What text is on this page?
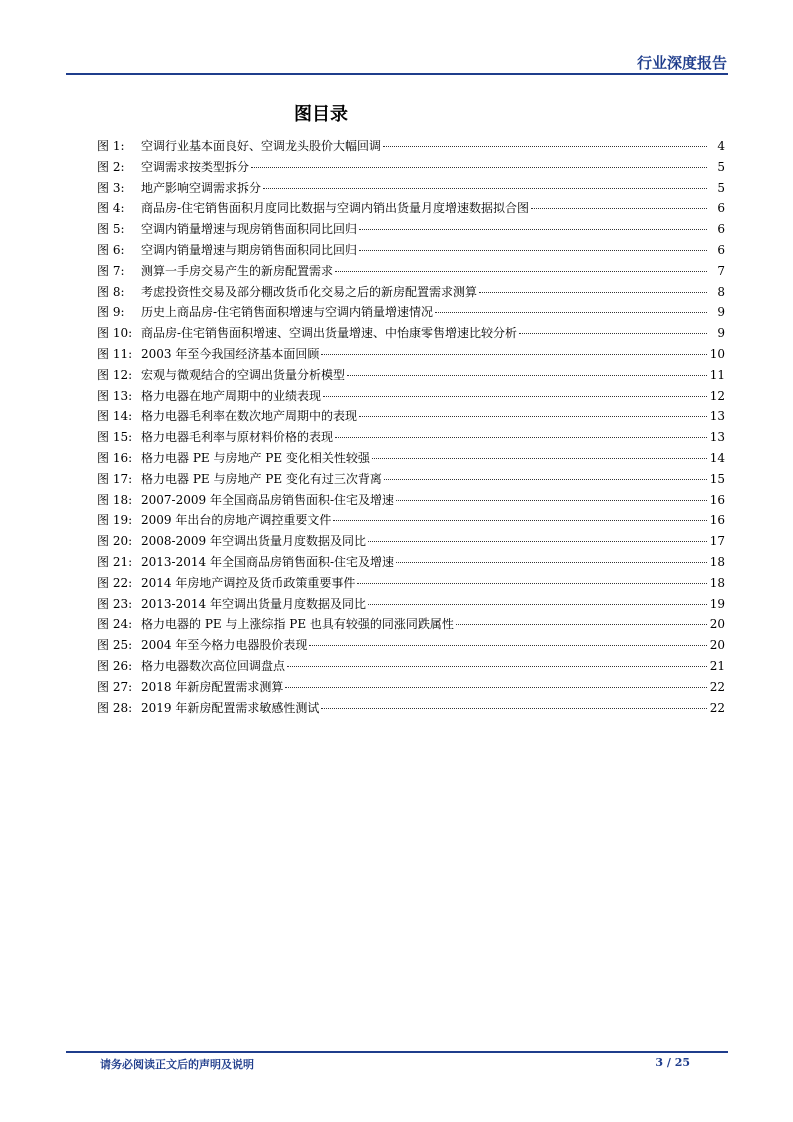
行业深度报告
图目录
图 1:	空调行业基本面良好、空调龙头股价大幅回调	4
图 2:	空调需求按类型拆分	5
图 3:	地产影响空调需求拆分	5
图 4:	商品房-住宅销售面积月度同比数据与空调内销出货量月度增速数据拟合图	6
图 5:	空调内销量增速与现房销售面积同比回归	6
图 6:	空调内销量增速与期房销售面积同比回归	6
图 7:	测算一手房交易产生的新房配置需求	7
图 8:	考虑投资性交易及部分棚改货币化交易之后的新房配置需求测算	8
图 9:	历史上商品房-住宅销售面积增速与空调内销量增速情况	9
图 10: 商品房-住宅销售面积增速、空调出货量增速、中怡康零售增速比较分析	9
图 11: 2003 年至今我国经济基本面回顾	10
图 12: 宏观与微观结合的空调出货量分析模型	11
图 13: 格力电器在地产周期中的业绩表现	12
图 14: 格力电器毛利率在数次地产周期中的表现	13
图 15: 格力电器毛利率与原材料价格的表现	13
图 16: 格力电器 PE 与房地产 PE 变化相关性较强	14
图 17: 格力电器 PE 与房地产 PE 变化有过三次背离	15
图 18: 2007-2009 年全国商品房销售面积-住宅及增速	16
图 19: 2009 年出台的房地产调控重要文件	16
图 20: 2008-2009 年空调出货量月度数据及同比	17
图 21: 2013-2014 年全国商品房销售面积-住宅及增速	18
图 22: 2014 年房地产调控及货币政策重要事件	18
图 23: 2013-2014 年空调出货量月度数据及同比	19
图 24: 格力电器的 PE 与上涨综指 PE 也具有较强的同涨同跌属性	20
图 25: 2004 年至今格力电器股价表现	20
图 26: 格力电器数次高位回调盘点	21
图 27: 2018 年新房配置需求测算	22
图 28: 2019 年新房配置需求敏感性测试	22
请务必阅读正文后的声明及说明	3 / 25
